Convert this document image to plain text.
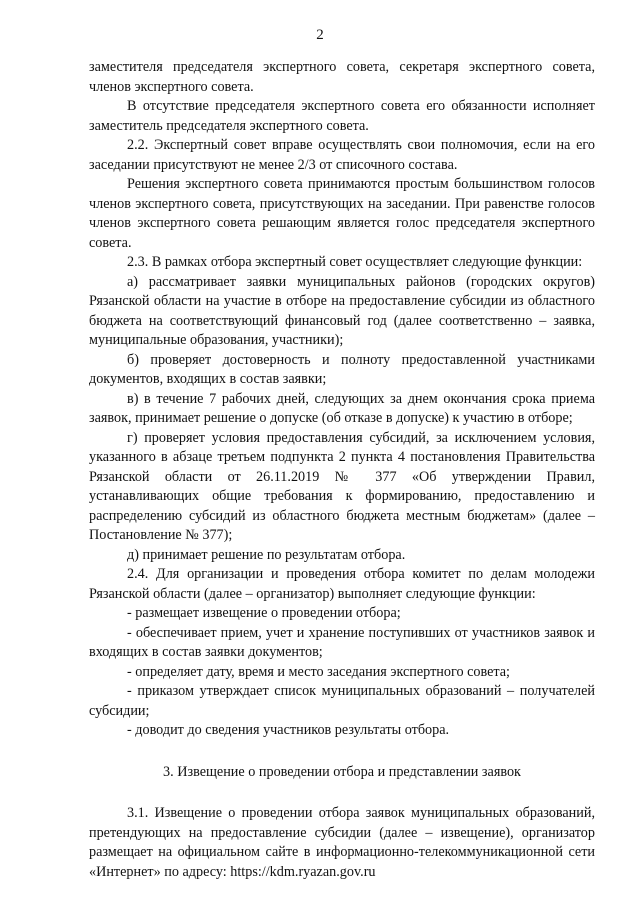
2

заместителя председателя экспертного совета, секретаря экспертного совета, членов экспертного совета.

В отсутствие председателя экспертного совета его обязанности исполняет заместитель председателя экспертного совета.

2.2. Экспертный совет вправе осуществлять свои полномочия, если на его заседании присутствуют не менее 2/3 от списочного состава.

Решения экспертного совета принимаются простым большинством голосов членов экспертного совета, присутствующих на заседании. При равенстве голосов членов экспертного совета решающим является голос председателя экспертного совета.

2.3. В рамках отбора экспертный совет осуществляет следующие функции:

а) рассматривает заявки муниципальных районов (городских округов) Рязанской области на участие в отборе на предоставление субсидии из областного бюджета на соответствующий финансовый год (далее соответственно – заявка, муниципальные образования, участники);

б) проверяет достоверность и полноту предоставленной участниками документов, входящих в состав заявки;

в) в течение 7 рабочих дней, следующих за днем окончания срока приема заявок, принимает решение о допуске (об отказе в допуске) к участию в отборе;

г) проверяет условия предоставления субсидий, за исключением условия, указанного в абзаце третьем подпункта 2 пункта 4 постановления Правительства Рязанской области от 26.11.2019 № 377 «Об утверждении Правил, устанавливающих общие требования к формированию, предоставлению и распределению субсидий из областного бюджета местным бюджетам» (далее – Постановление № 377);

д) принимает решение по результатам отбора.

2.4. Для организации и проведения отбора комитет по делам молодежи Рязанской области (далее – организатор) выполняет следующие функции:

- размещает извещение о проведении отбора;

- обеспечивает прием, учет и хранение поступивших от участников заявок и входящих в состав заявки документов;

- определяет дату, время и место заседания экспертного совета;

- приказом утверждает список муниципальных образований – получателей субсидии;

- доводит до сведения участников результаты отбора.

3. Извещение о проведении отбора и представлении заявок

3.1. Извещение о проведении отбора заявок муниципальных образований, претендующих на предоставление субсидии (далее – извещение), организатор размещает на официальном сайте в информационно-телекоммуникационной сети «Интернет» по адресу: https://kdm.ryazan.gov.ru
